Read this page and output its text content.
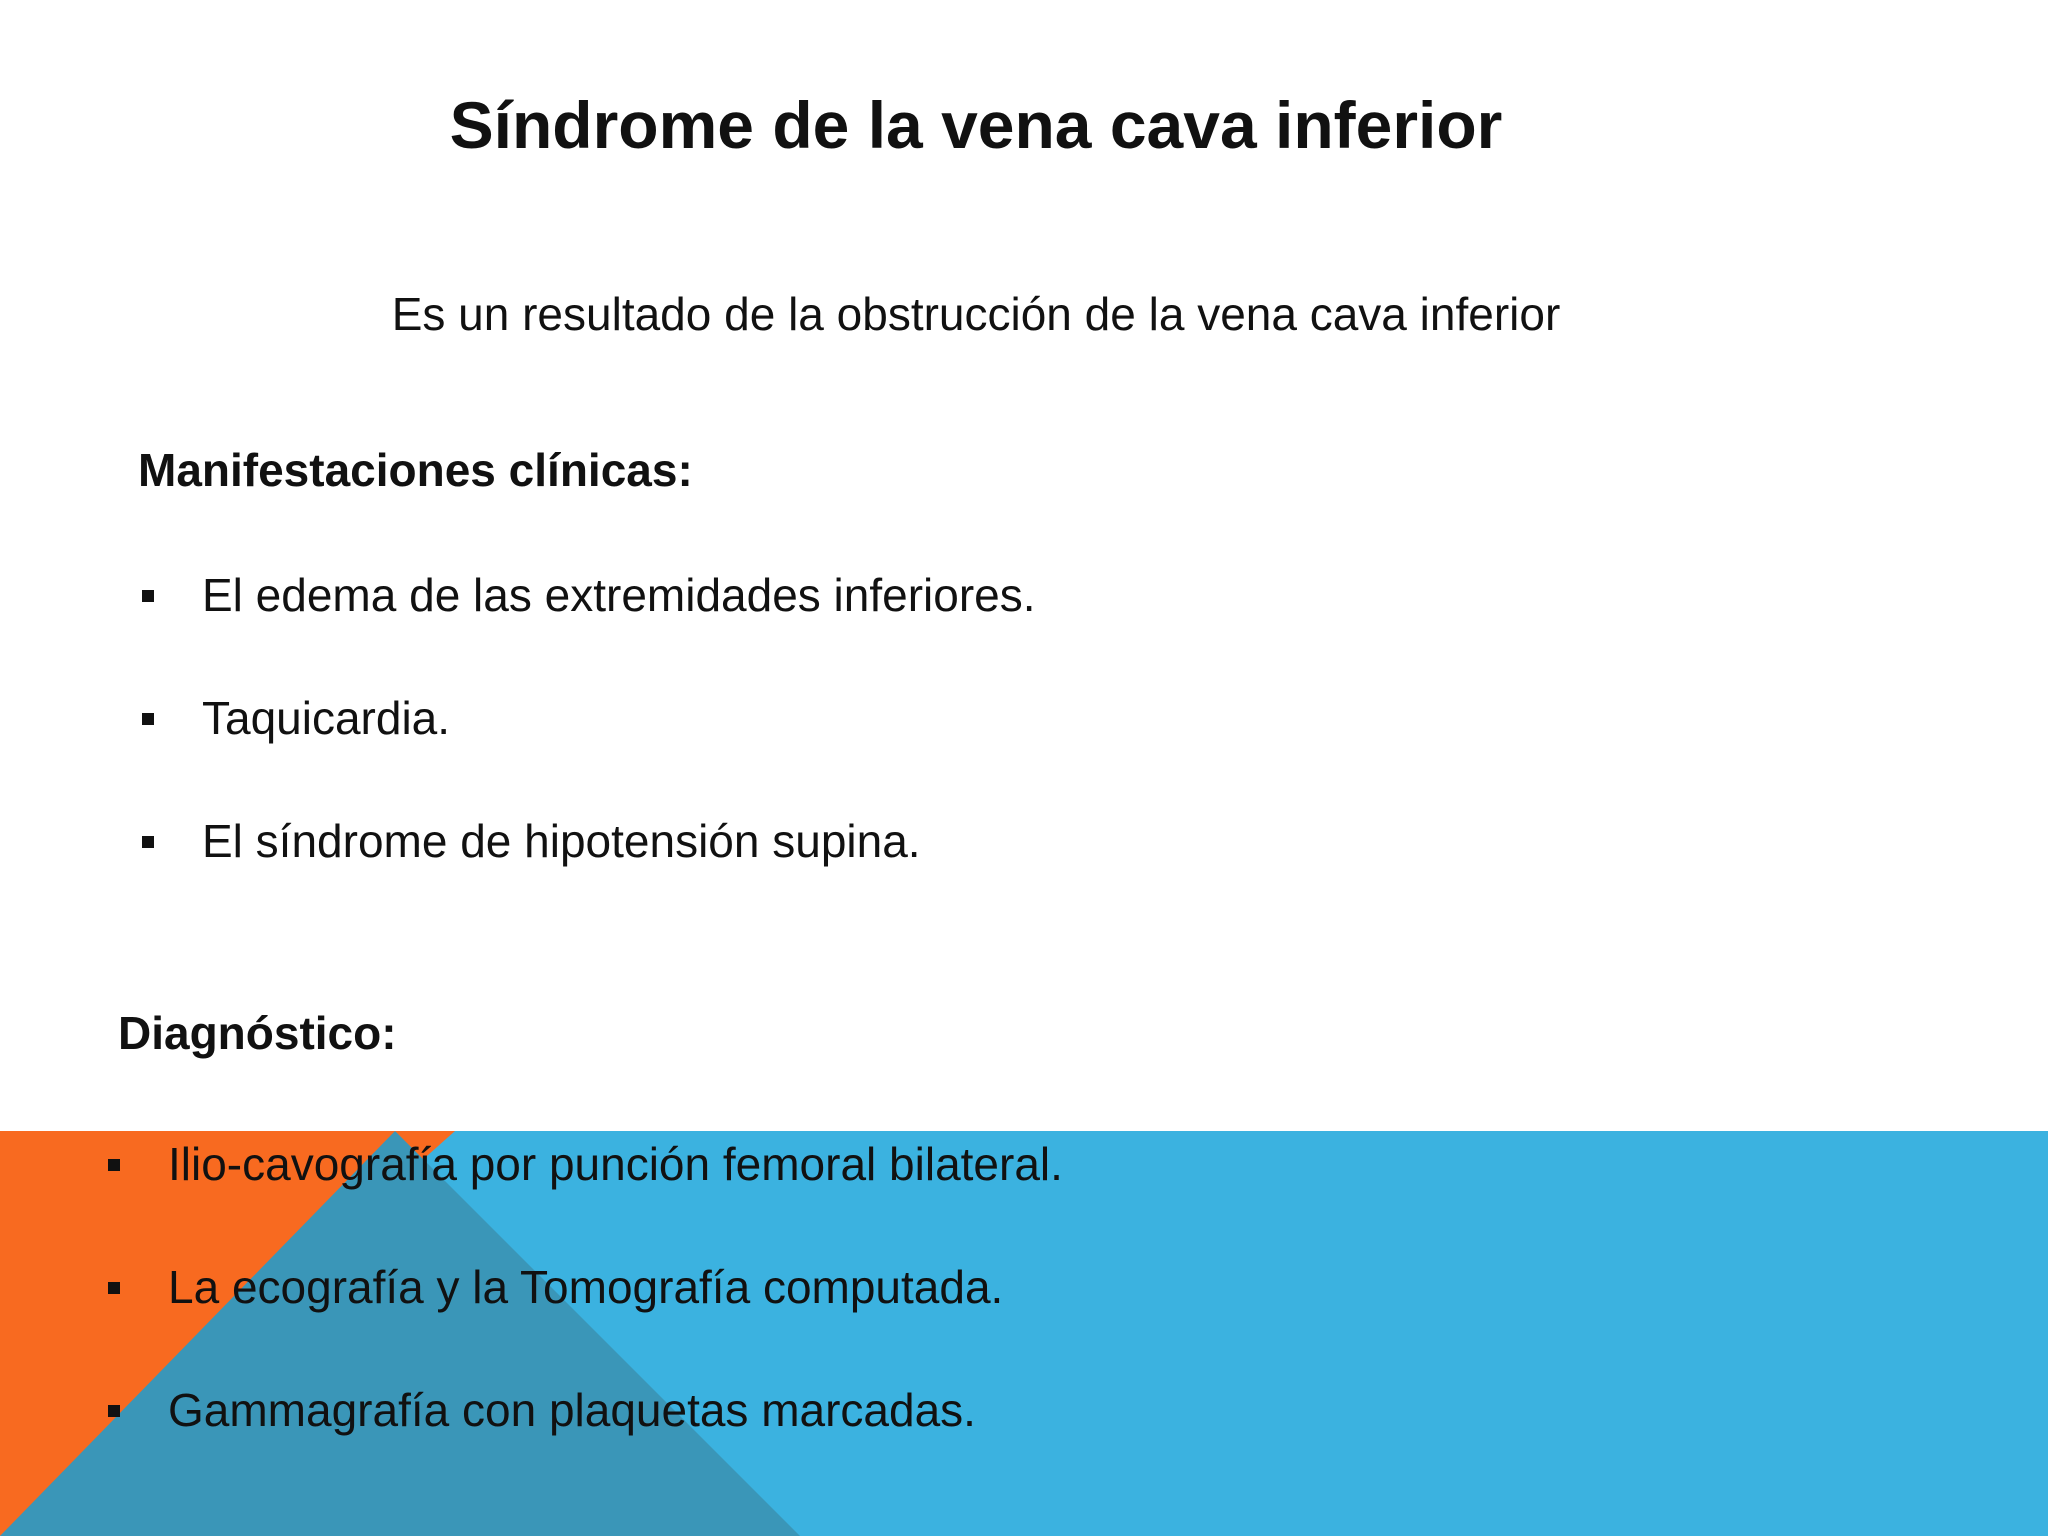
Síndrome de la vena cava inferior

Es un resultado de la obstrucción de la vena cava inferior

Manifestaciones clínicas:
El edema de las extremidades inferiores.
Taquicardia.
El síndrome de hipotensión supina.
Diagnóstico:
Ilio-cavografía por punción femoral bilateral.
La ecografía y la Tomografía computada.
Gammagrafía con plaquetas marcadas.
